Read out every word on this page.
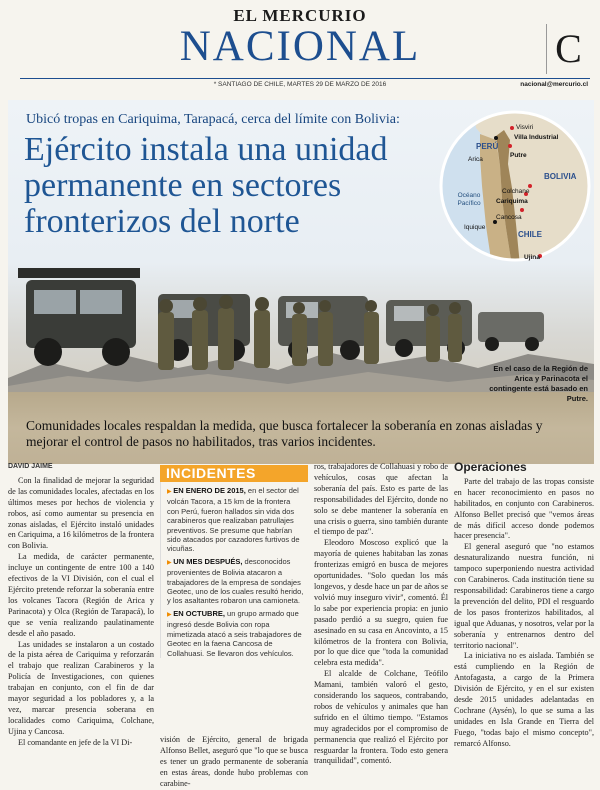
EL MERCURIO
NACIONAL	C
* SANTIAGO DE CHILE, MARTES 29 DE MARZO DE 2016	nacional@mercurio.cl
Ubicó tropas en Cariquima, Tarapacá, cerca del límite con Bolivia:
Ejército instala una unidad permanente en sectores fronterizos del norte
PERÚ
BOLIVIA
CHILE
Océano Pacífico
Visviri
Villa Industrial
Arica
Putre
Colchane
Cariquima
Cancosa
Iquique
Ujina
En el caso de la Región de Arica y Parinacota el contingente está basado en Putre.
Comunidades locales respaldan la medida, que busca fortalecer la soberanía en zonas aisladas y mejorar el control de pasos no habilitados, tras varios incidentes.
DAVID JAIME

Con la finalidad de mejorar la seguridad de las comunidades locales, afectadas en los últimos meses por hechos de violencia y robos, así como aumentar su presencia en zonas aisladas, el Ejército instaló unidades en Cariquima, a 16 kilómetros de la frontera con Bolivia.

La medida, de carácter permanente, incluye un contingente de entre 100 a 140 efectivos de la VI División, con el cual el Ejército pretende reforzar la soberanía entre los volcanes Tacora (Región de Arica y Parinacota) y Olca (Región de Tarapacá), lo que se venía realizando paulatinamente desde el año pasado.

Las unidades se instalaron a un costado de la pista aérea de Cariquima y reforzarán el trabajo que realizan Carabineros y la Policía de Investigaciones, con quienes trabajan en conjunto, con el fin de dar mayor seguridad a los pobladores y, a la vez, marcar presencia soberana en localidades como Cariquima, Colchane, Ujina y Cancosa.

El comandante en jefe de la VI Di-

INCIDENTES
▶ EN ENERO DE 2015, en el sector del volcán Tacora, a 15 km de la frontera con Perú, fueron hallados sin vida dos carabineros que realizaban patrullajes preventivos. Se presume que habrían sido atacados por cazadores furtivos de vicuñas.
▶ UN MES DESPUÉS, desconocidos provenientes de Bolivia atacaron a trabajadores de la empresa de sondajes Geotec, uno de los cuales resultó herido, y los asaltantes robaron una camioneta.
▶ EN OCTUBRE, un grupo armado que ingresó desde Bolivia con ropa mimetizada atacó a seis trabajadores de Geotec en la faena Cancosa de Collahuasi. Se llevaron dos vehículos.

visión de Ejército, general de brigada Alfonso Bellet, aseguró que "lo que se busca es tener un grado permanente de soberanía en estas áreas, donde hubo problemas con carabine-

ros, trabajadores de Collahuasi y robo de vehículos, cosas que afectan la soberanía del país. Esto es parte de las responsabilidades del Ejército, donde no solo se debe mantener la soberanía en una crisis o guerra, sino también durante el tiempo de paz".

Eleodoro Moscoso explicó que la mayoría de quienes habitaban las zonas fronterizas emigró en busca de mejores oportunidades. "Solo quedan los más longevos, y desde hace un par de años se volvió muy inseguro vivir", comentó. Él lo sabe por experiencia propia: en junio pasado perdió a su suegro, quien fue asesinado en su casa en Ancovinto, a 15 kilómetros de la frontera con Bolivia, por lo que dice que "toda la comunidad celebra esta medida".

El alcalde de Colchane, Teófilo Mamani, también valoró el gesto, considerando los saqueos, contrabando, robos de vehículos y animales que han sufrido en el último tiempo. "Estamos muy agradecidos por el compromiso de permanencia que realizó el Ejército por resguardar la frontera. Todo esto genera tranquilidad", comentó.

Operaciones

Parte del trabajo de las tropas consiste en hacer reconocimiento en pasos no habilitados, en conjunto con Carabineros. Alfonso Bellet precisó que "vemos áreas de más difícil acceso donde podemos hacer presencia".

El general aseguró que "no estamos desnaturalizando nuestra función, ni tampoco superponiendo nuestra actividad con Carabineros. Cada institución tiene su responsabilidad: Carabineros tiene a cargo la prevención del delito, PDI el resguardo de los pasos fronterizos habilitados, al igual que Aduanas, y nosotros, velar por la soberanía y entrenarnos dentro del territorio nacional".

La iniciativa no es aislada. También se está cumpliendo en la Región de Antofagasta, a cargo de la Primera División de Ejército, y en el sur existen desde 2015 unidades adelantadas en Cochrane (Aysén), lo que se suma a las unidades en Isla Grande en Tierra del Fuego, "todas bajo el mismo concepto", remarcó Alfonso.
